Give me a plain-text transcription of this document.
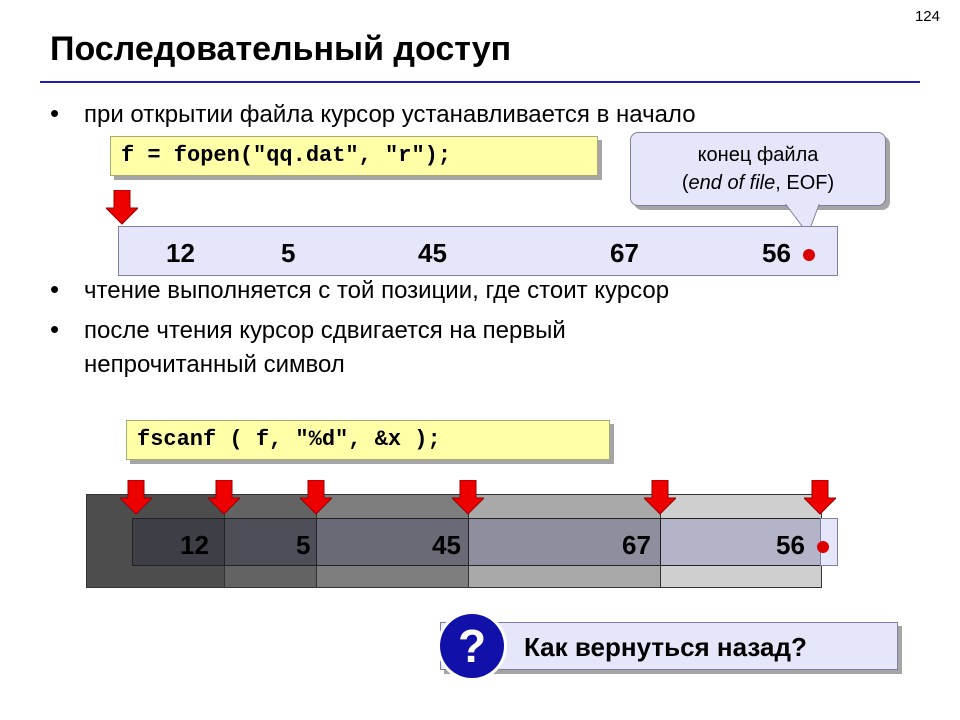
124
Последовательный доступ
• при открытии файла курсор устанавливается в начало
f = fopen("qq.dat", "r");	конец файла
(end of file, EOF)
12	5	45	67	56
• чтение выполняется с той позиции, где стоит курсор
• после чтения курсор сдвигается на первый непрочитанный символ
fscanf ( f, "%d", &x );
12	5	45	67	56
?	Как вернуться назад?
